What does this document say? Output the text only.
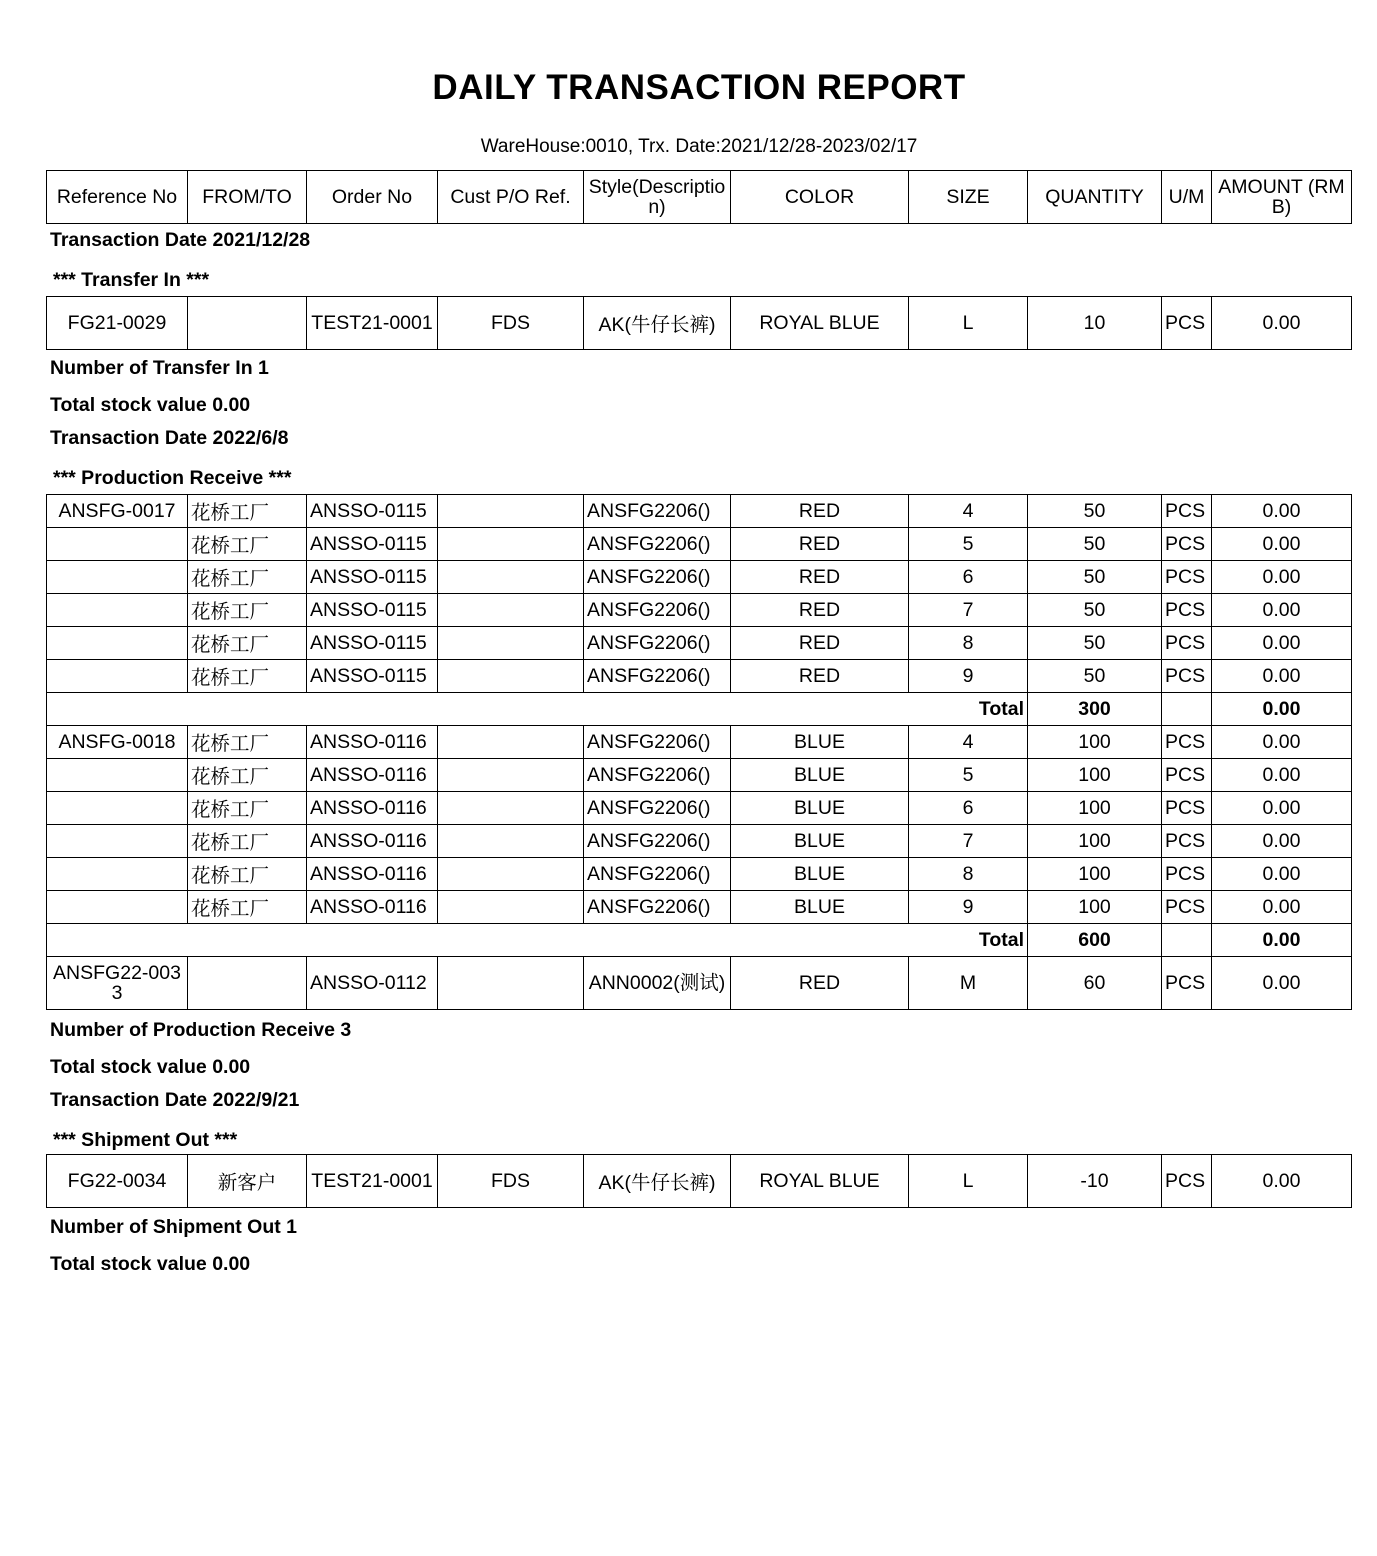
DAILY TRANSACTION REPORT
WareHouse:0010, Trx. Date:2021/12/28-2023/02/17
Reference No	FROM/TO	Order No	Cust P/O Ref.	Style(Description)	COLOR	SIZE	QUANTITY	U/M	AMOUNT (RMB)
Transaction Date 2021/12/28
*** Transfer In ***
FG21-0029		TEST21-0001	FDS	AK(牛仔长裤)	ROYAL BLUE	L	10	PCS	0.00
Number of Transfer In 1
Total stock value 0.00
Transaction Date 2022/6/8
*** Production Receive ***
ANSFG-0017	花桥工厂	ANSSO-0115		ANSFG2206()	RED	4	50	PCS	0.00
	花桥工厂	ANSSO-0115		ANSFG2206()	RED	5	50	PCS	0.00
	花桥工厂	ANSSO-0115		ANSFG2206()	RED	6	50	PCS	0.00
	花桥工厂	ANSSO-0115		ANSFG2206()	RED	7	50	PCS	0.00
	花桥工厂	ANSSO-0115		ANSFG2206()	RED	8	50	PCS	0.00
	花桥工厂	ANSSO-0115		ANSFG2206()	RED	9	50	PCS	0.00
Total							300		0.00
ANSFG-0018	花桥工厂	ANSSO-0116		ANSFG2206()	BLUE	4	100	PCS	0.00
	花桥工厂	ANSSO-0116		ANSFG2206()	BLUE	5	100	PCS	0.00
	花桥工厂	ANSSO-0116		ANSFG2206()	BLUE	6	100	PCS	0.00
	花桥工厂	ANSSO-0116		ANSFG2206()	BLUE	7	100	PCS	0.00
	花桥工厂	ANSSO-0116		ANSFG2206()	BLUE	8	100	PCS	0.00
	花桥工厂	ANSSO-0116		ANSFG2206()	BLUE	9	100	PCS	0.00
Total							600		0.00
ANSFG22-0033		ANSSO-0112		ANN0002(测试)	RED	M	60	PCS	0.00
Number of Production Receive 3
Total stock value 0.00
Transaction Date 2022/9/21
*** Shipment Out ***
FG22-0034	新客户	TEST21-0001	FDS	AK(牛仔长裤)	ROYAL BLUE	L	-10	PCS	0.00
Number of Shipment Out 1
Total stock value 0.00
